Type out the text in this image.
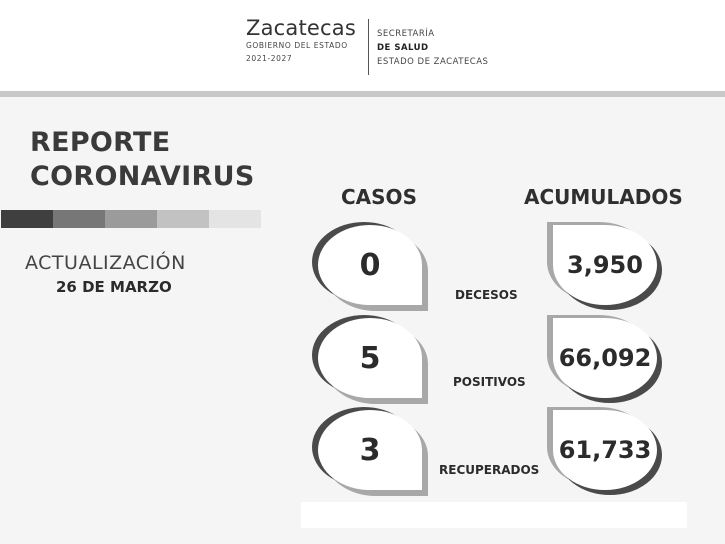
Zacatecas
GOBIERNO DEL ESTADO
2021-2027
SECRETARÍA
DE SALUD
ESTADO DE ZACATECAS
REPORTE
CORONAVIRUS
ACTUALIZACIÓN
26 DE MARZO
CASOS	ACUMULADOS
0
DECESOS
3,950
5
POSITIVOS
66,092
3
RECUPERADOS
61,733
